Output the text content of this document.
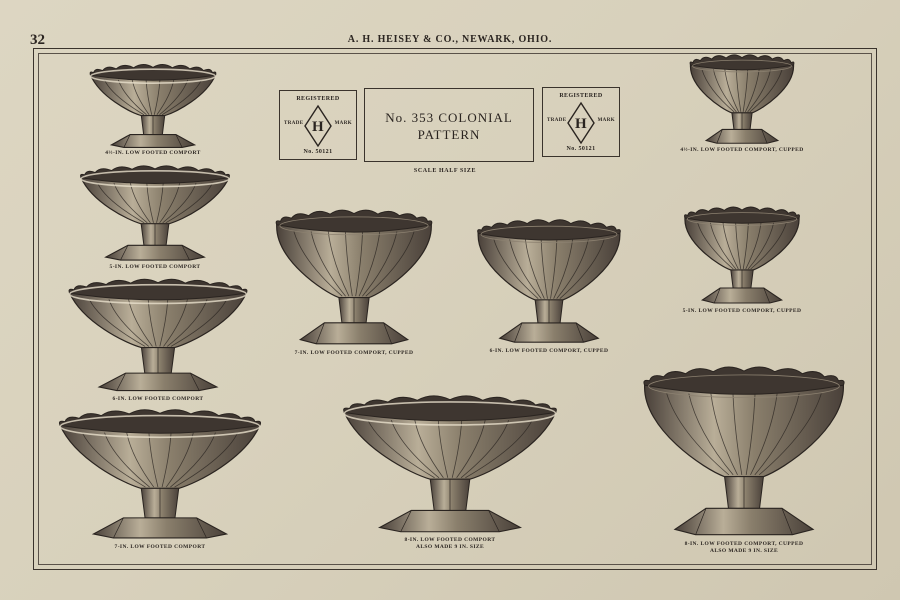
32	A. H. HEISEY & CO., NEWARK, OHIO.
REGISTERED
TRADE H MARK
No. 50121
No. 353 COLONIAL
PATTERN
REGISTERED
TRADE H MARK
No. 50121
SCALE HALF SIZE
4½-IN. LOW FOOTED COMPORT
5-IN. LOW FOOTED COMPORT
6-IN. LOW FOOTED COMPORT
7-IN. LOW FOOTED COMPORT
7-IN. LOW FOOTED COMPORT, CUPPED	6-IN. LOW FOOTED COMPORT, CUPPED
4½-IN. LOW FOOTED COMPORT, CUPPED
5-IN. LOW FOOTED COMPORT, CUPPED
8-IN. LOW FOOTED COMPORT
ALSO MADE 9 IN. SIZE	8-IN. LOW FOOTED COMPORT, CUPPED
ALSO MADE 9 IN. SIZE
